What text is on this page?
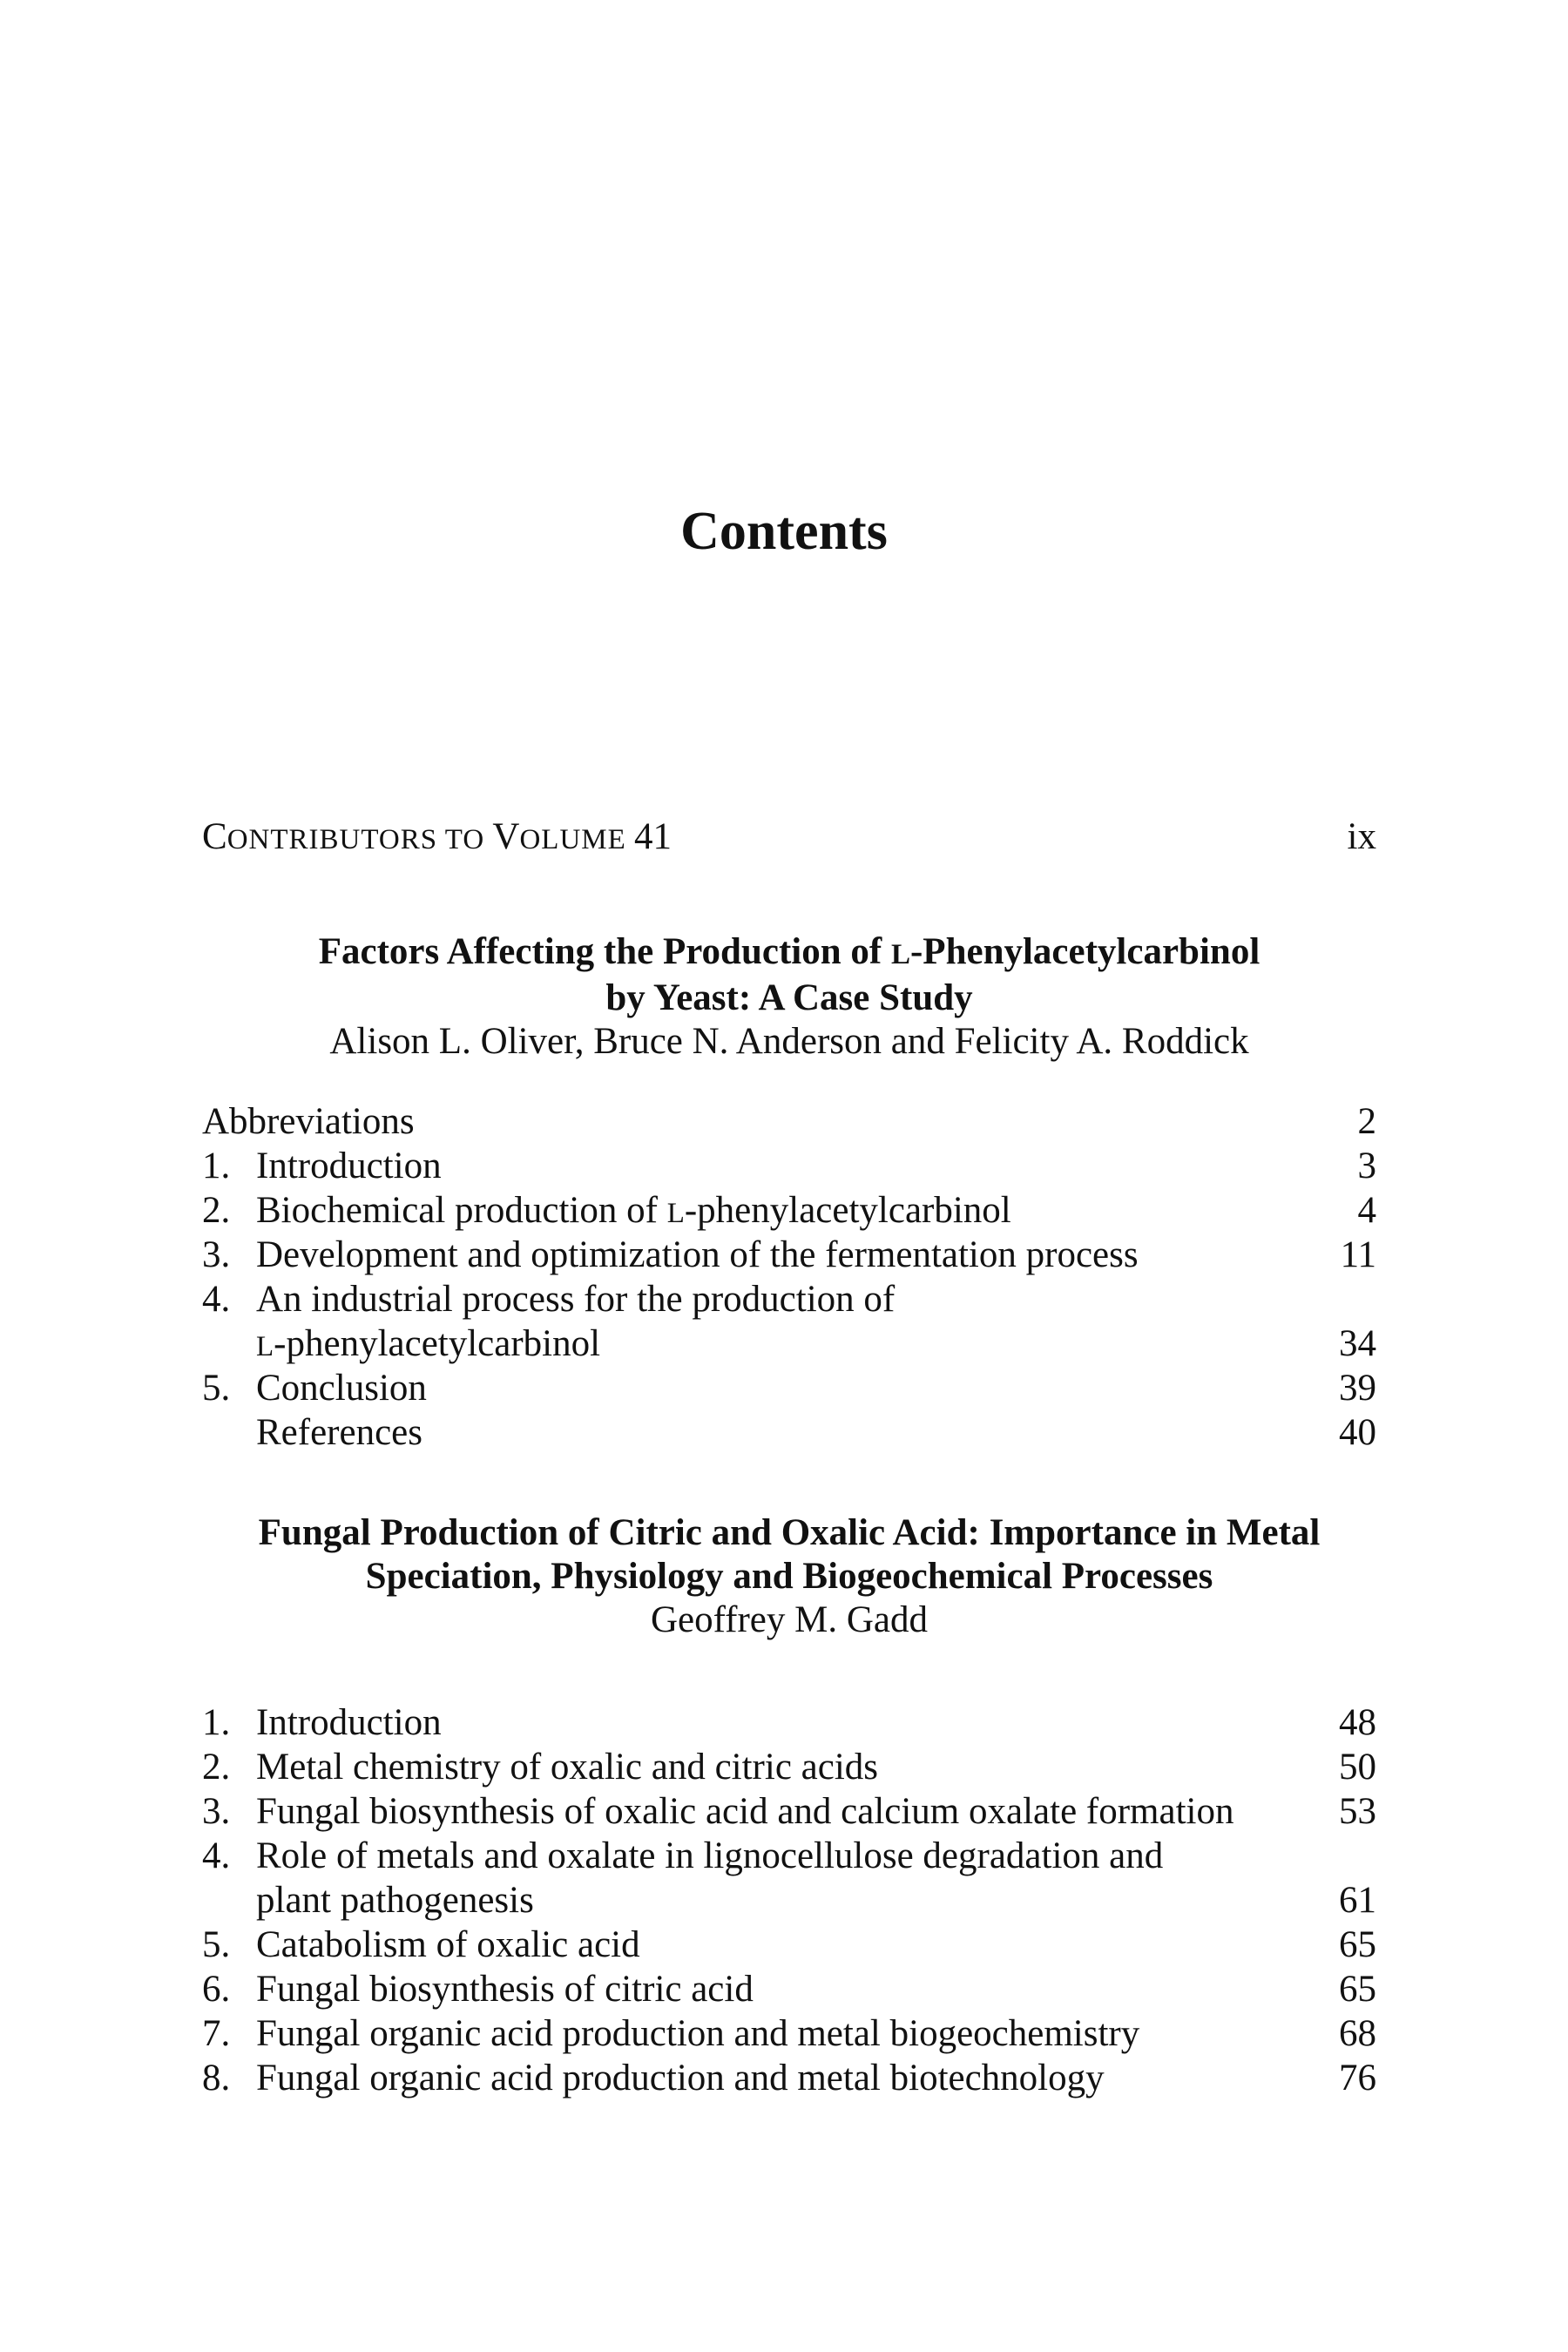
Contents
CONTRIBUTORS TO VOLUME 41	ix
Factors Affecting the Production of L-Phenylacetylcarbinol
by Yeast: A Case Study
Alison L. Oliver, Bruce N. Anderson and Felicity A. Roddick
Abbreviations	2
1. Introduction	3
2. Biochemical production of L-phenylacetylcarbinol	4
3. Development and optimization of the fermentation process	11
4. An industrial process for the production of
L-phenylacetylcarbinol	34
5. Conclusion	39
References	40
Fungal Production of Citric and Oxalic Acid: Importance in Metal
Speciation, Physiology and Biogeochemical Processes
Geoffrey M. Gadd
1. Introduction	48
2. Metal chemistry of oxalic and citric acids	50
3. Fungal biosynthesis of oxalic acid and calcium oxalate formation	53
4. Role of metals and oxalate in lignocellulose degradation and
plant pathogenesis	61
5. Catabolism of oxalic acid	65
6. Fungal biosynthesis of citric acid	65
7. Fungal organic acid production and metal biogeochemistry	68
8. Fungal organic acid production and metal biotechnology	76
